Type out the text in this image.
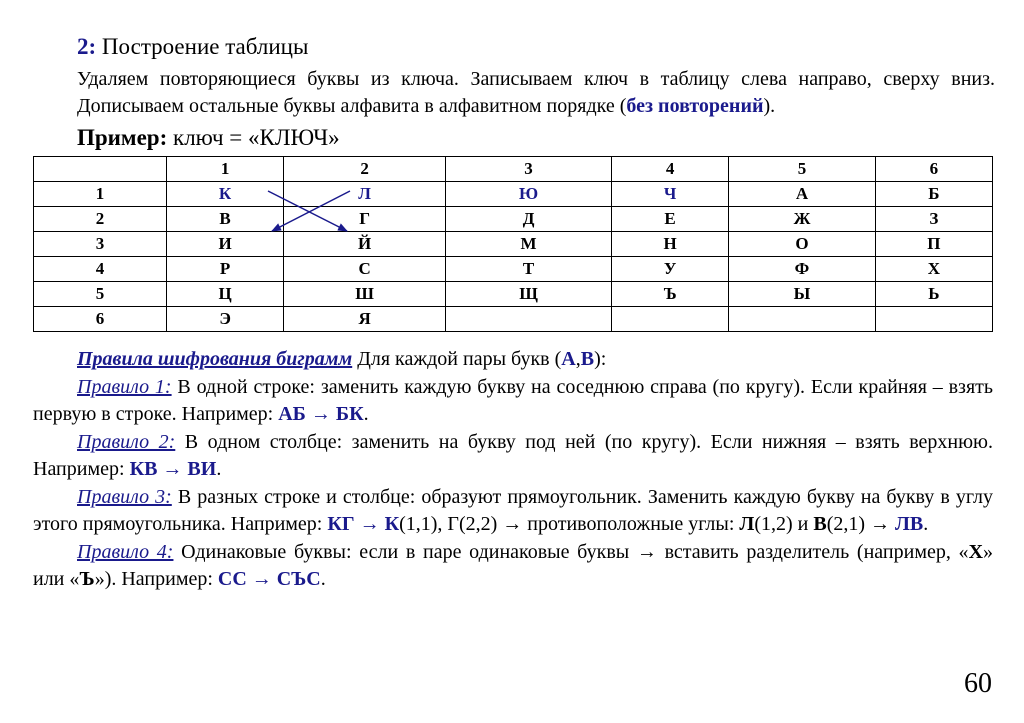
2: Построение таблицы
Удаляем повторяющиеся буквы из ключа. Записываем ключ в таблицу слева направо, сверху вниз. Дописываем остальные буквы алфавита в алфавитном порядке (без повторений).
Пример: ключ = «КЛЮЧ»
	1	2	3	4	5	6
1	К	Л	Ю	Ч	А	Б
2	В	Г	Д	Е	Ж	З
3	И	Й	М	Н	О	П
4	Р	С	Т	У	Ф	Х
5	Ц	Ш	Щ	Ъ	Ы	Ь
6	Э	Я				

Правила шифрования биграмм Для каждой пары букв (А,В):

Правило 1: В одной строке: заменить каждую букву на соседнюю справа (по кругу). Если крайняя – взять первую в строке. Например: АБ → БК.

Правило 2: В одном столбце: заменить на букву под ней (по кругу). Если нижняя – взять верхнюю. Например: КВ → ВИ.

Правило 3: В разных строке и столбце: образуют прямоугольник. Заменить каждую букву на букву в углу этого прямоугольника. Например: КГ → К(1,1), Г(2,2) → противоположные углы: Л(1,2) и В(2,1) → ЛВ.

Правило 4: Одинаковые буквы: если в паре одинаковые буквы → вставить разделитель (например, «Х» или «Ъ»). Например: СС → СЪС.

60
